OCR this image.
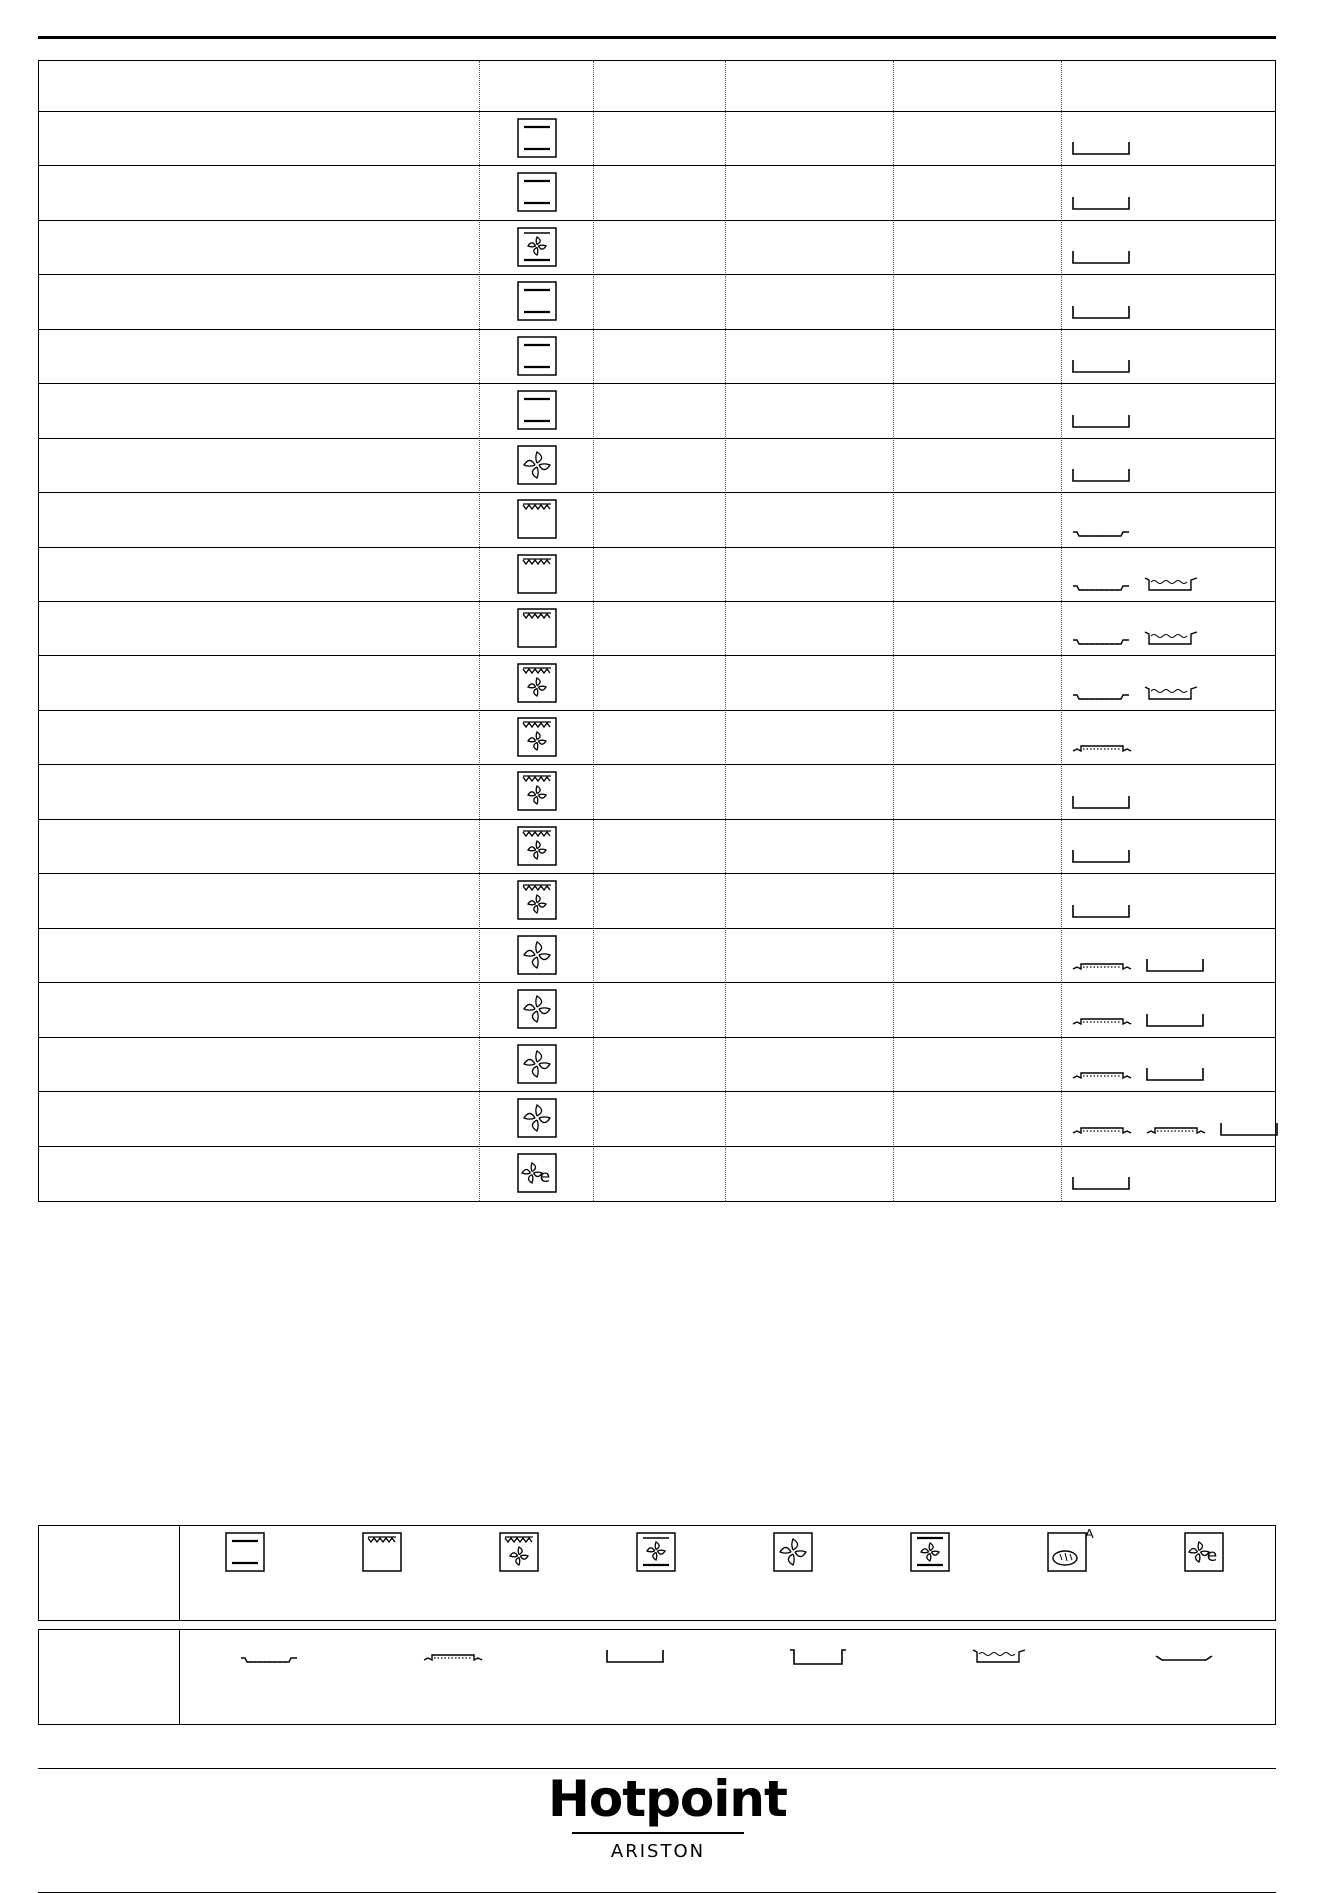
e
A
e
Hotpoint
ARISTON
